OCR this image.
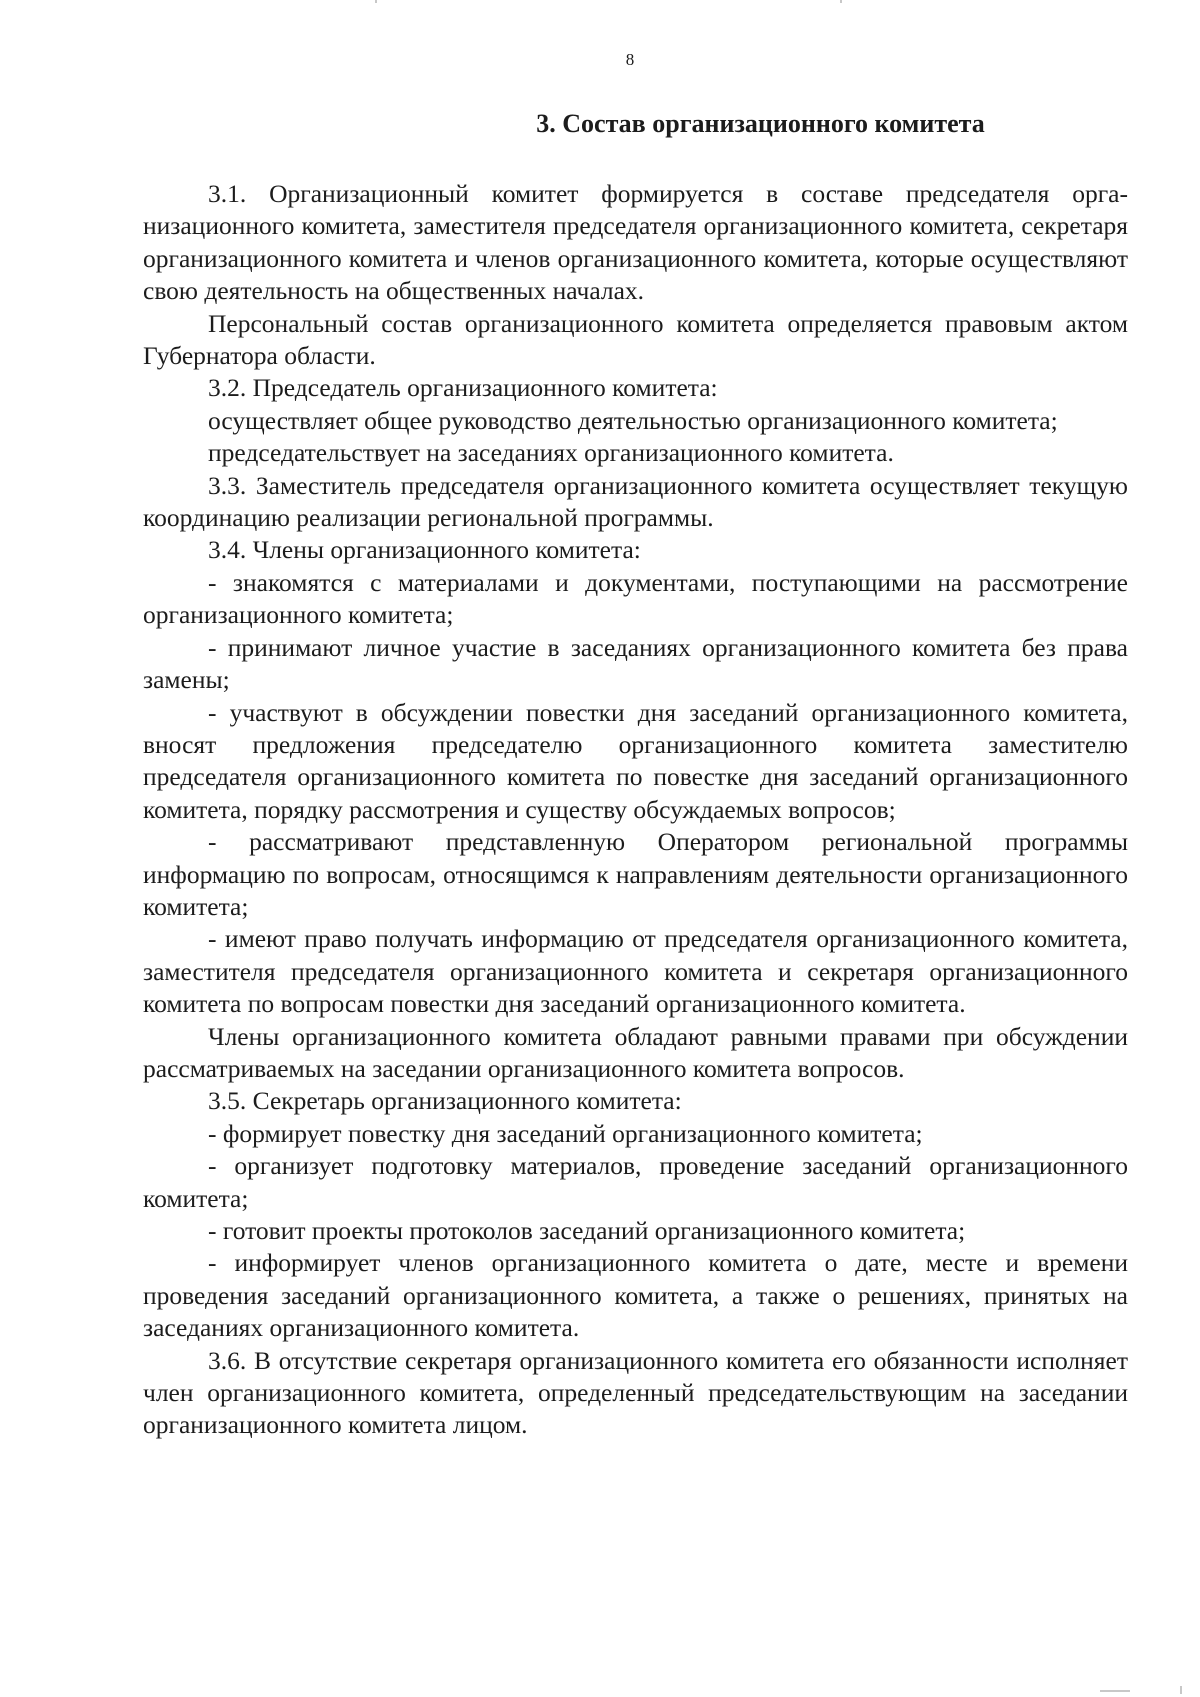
8
3. Состав организационного комитета

3.1. Организационный комитет формируется в составе председателя организационного комитета, заместителя председателя организационного комитета, секретаря организационного комитета и членов организационного комитета, которые осуществляют свою деятельность на общественных началах.

Персональный состав организационного комитета определяется правовым актом Губернатора области.

3.2. Председатель организационного комитета:

осуществляет общее руководство деятельностью организационного комитета;

председательствует на заседаниях организационного комитета.

3.3. Заместитель председателя организационного комитета осуществляет текущую координацию реализации региональной программы.

3.4. Члены организационного комитета:

- знакомятся с материалами и документами, поступающими на рассмотрение организационного комитета;

- принимают личное участие в заседаниях организационного комитета без права замены;

- участвуют в обсуждении повестки дня заседаний организационного комитета, вносят предложения председателю организационного комитета заместителю председателя организационного комитета по повестке дня заседаний организационного комитета, порядку рассмотрения и существу обсуждаемых вопросов;

- рассматривают представленную Оператором региональной программы информацию по вопросам, относящимся к направлениям деятельности организационного комитета;

- имеют право получать информацию от председателя организационного комитета, заместителя председателя организационного комитета и секретаря организационного комитета по вопросам повестки дня заседаний организационного комитета.

Члены организационного комитета обладают равными правами при обсуждении рассматриваемых на заседании организационного комитета вопросов.

3.5. Секретарь организационного комитета:

- формирует повестку дня заседаний организационного комитета;

- организует подготовку материалов, проведение заседаний организационного комитета;

- готовит проекты протоколов заседаний организационного комитета;

- информирует членов организационного комитета о дате, месте и времени проведения заседаний организационного комитета, а также о решениях, принятых на заседаниях организационного комитета.

3.6. В отсутствие секретаря организационного комитета его обязанности исполняет член организационного комитета, определенный председательствующим на заседании организационного комитета лицом.
